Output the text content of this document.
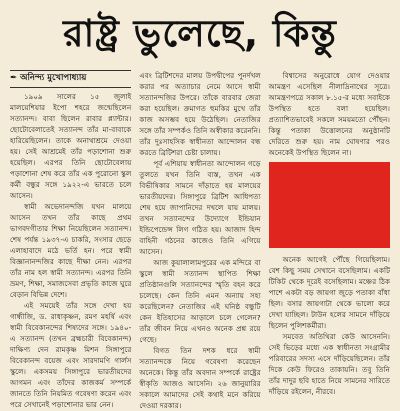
রাষ্ট্র ভুলেছে, কিন্তু
✒ অনিন্দ্য মুখোপাধ্যায়

১৯০৯ সালের ১৫ জুলাই মালয়েশিয়ার ইপো শহরে জন্মেছিলেন সত্যানন্দ। বাবা ছিলেন রাবার প্ল্যান্টার। ছোটোবেলাতেই সত্যানন্দ তাঁর মা-বাবাকে হারিয়েছিলেন। তাকে অনাথাশ্রমে দেওয়া হয়। সেই আশ্রমেই তাঁর পড়াশোনা শুরু হয়েছিল। এরপর তিনি ছোটোবেলায় পড়াশোনা শেষ করে তাঁর এক পুরোনো স্কুল কর্মী বন্ধুর সঙ্গে ১৯২২-এ ভারতে চলে আসেন।

স্বামী অভেদানন্দজি যখন মালয়ে আসেন তখন তাঁর কাছে প্রথম ভাগবদগীতার শিক্ষা নিয়েছিলেন সত্যানন্দ। শেষ পর্যন্ত ১৯৩৭-এ চাকরি, সংসার ছেড়ে এলাহাবাদে মঠে ভর্তি হন। পরে স্বামী বিজ্ঞানানন্দজির কাছে দীক্ষা নেন। এরপর তাঁর নাম হল স্বামী সত্যানন্দ। এরপর তিনি ভ্রমণ, শিক্ষা, সমাজসেবা প্রভৃতি কাজে ঘুরে বেড়ান বিভিন্ন দেশে।

এই সময়েই তাঁর সঙ্গে দেখা হয় গান্ধীজি, ড. রাধাকৃষ্ণন, রমণ মহর্ষি এবং স্বামী বিবেকানন্দের শিষ্যদের সঙ্গে। ১৯৪০-এ সত্যানন্দ (তখন ব্রহ্মচারী বিবেকানন্দ) দাক্ষিণ্য দেন রামকৃষ্ণ মিশন সিঙ্গাপুরে বিবেকানন্দ বয়েজ এবং সারদামণি গার্লস স্কুলে। একসময় সিঙ্গাপুরে ভারতীয়দের আগমন এবং তাঁদের কাজকর্ম সম্পর্কে জানতে তিনি নিয়মিত গবেষণা করেন এবং পরে সেখানেই পড়াশোনার ভার নেন।

এবং ব্রিটিশদের মালয় উপদ্বীপের পুনর্দখল করার পর অত্যাচার নেমে আসে স্বামী সত্যানন্দজির উপরে। তাঁকে বারবার জেরা করা হয়েছিল। ক্রমাগত হুমকির মুখে তাঁর কাজ অসম্ভব হয়ে উঠেছিল। নেতাজির সঙ্গে তাঁর সম্পর্কও তিনি অস্বীকার করেননি। তাঁর দুঃসাহসিক স্বাধীনতা আন্দোলন বন্ধ করতে ব্রিটিশরা চেষ্টা চালায়।

পূর্ব এশিয়ায় স্বাধীনতা আন্দোলন গড়ে তুলতে যখন তিনি ব্যস্ত, তখন এক বিভীষিকার সামনে দাঁড়াতে হয় মালয়ের ভারতীয়দের। সিঙ্গাপুরে ব্রিটিশ আধিপত্য শেষ হয়ে জাপানিদের দখলে যায় মালয়। তখন সত্যানন্দের উদ্যোগে ইন্ডিয়ান ইন্ডিপেন্ডেন্স লিগ গঠিত হয়। আজাদ হিন্দ বাহিনী গঠনের কাজেও তিনি এগিয়ে আসেন।

আজ কুয়ালালামপুরের এক মন্দিরে বা স্কুলে স্বামী সত্যানন্দ স্থাপিত শিক্ষা প্রতিষ্ঠানগুলি সত্যানন্দের স্মৃতি বহন করে চলেছে। কেন তিনি এমন অন্যায় সহ্য করেছিলেন? নেতাজির এই ঘনিষ্ঠ বন্ধুটি কেন ইতিহাসের আড়ালে চলে গেলেন? তাঁর জীবন নিয়ে এখনও অনেক প্রশ্ন রয়ে গেছে।

বিগত তিন দশক ধরে স্বামী সত্যানন্দকে নিয়ে গবেষণা করেছেন অনেকে। কিন্তু তাঁর অবদান সম্পর্কে রাষ্ট্রের স্বীকৃতি আজও আসেনি। ২৬ জানুয়ারির সকালে আমাদের সেই কথাই মনে করিয়ে দেওয়া দরকার।

বিশ্বাসের অনুরোধে যোগ দেওয়ার আমন্ত্রণ এসেছিল নীলাদ্রিনাথের সূত্রে। আমন্ত্রণপত্রে সকাল ৮.১৫-র মধ্যে সবাইকে উপস্থিত হতে বলা হয়েছিল। প্রত্যাশিতভাবেই সকলে সময়মতো পৌঁছন। কিন্তু পতাকা উত্তোলনের অনুষ্ঠানটি দেরিতে শুরু হয়। নাম ঘোষণার পরও অনেকেই উপস্থিত ছিলেন না।

অনেক আগেই পৌঁছে গিয়েছিলাম। বেশ কিছু সময় সেখানে বসেছিলাম। একটি টিকিট থেকে দূরেই বসেছিলাম। মঞ্চের ঠিক পাশে একটা বড় জায়গা জুড়ে পতাকা বাঁধা ছিল। বসার জায়গাটা থেকে ভালো করে দেখা যাচ্ছিল। টাউন হলের সামনে দাঁড়িয়ে ছিলেন পুলিশকর্মীরা।

সমবেত অতিথিরা কেউ আসেননি। সেই ভিড়ের মধ্যে এক স্বাধীনতা সংগ্রামীর পরিবারের সদস্য এসে দাঁড়িয়েছিলেন। তাঁর দিকে কেউ ফিরেও তাকায়নি। তবু তিনি তাঁর দাদুর ছবি হাতে নিয়ে সামনের সারিতে দাঁড়িয়ে রইলেন, নীরবে।
